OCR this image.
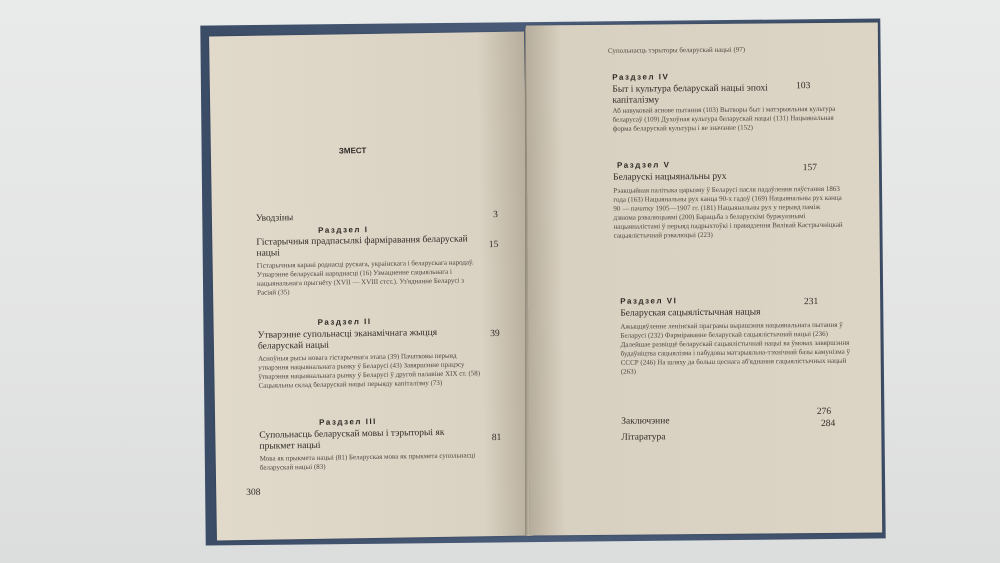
ЗМЕСТ
Уводзіны	3
Раздзел I
Гістарычныя прадпасылкі фарміравання беларускай нацыі
15
Гістарычныя карані роднасці рускага, украінскага і беларускага народаў. Утварэнне беларускай народнасці (16) Узмацненне сацыяльнага і нацыянальнага прыгнёту (ХVІІ — ХVІІІ стст.). Уз'яднанне Беларусі з Расіяй (35)
Раздзел II
Утварэнне супольнасці эканамічнага жыцця беларускай нацыі
39
Асноўныя рысы новага гістарычнага этапа (39) Пачатковы перыяд утварэння нацыянальнага рынку ў Беларусі (43) Завяршэнне працэсу ўтварэння нацыянальнага рынку ў Беларусі ў другой палавіне XIX ст. (58) Сацыяльны склад беларускай нацыі перыяду капіталізму (73)
Раздзел III
Супольнасць беларускай мовы і тэрыторыі як прыкмет нацыі
81
Мова як прыкмета нацыі (81) Беларуская мова як прыкмета супольнасці беларускай нацыі (83)
308
Супольнасць тэрыторы беларускай нацыі (97)
Раздзел IV
Быт і культура беларускай нацыі эпохі капіталізму
103
Аб навуковай аснове пытання (103) Вытворы быт і матэрыяльная культура беларусаў (109) Духоўная культура беларускай нацыі (131) Нацыянальная форма беларускай культуры і яе значэнне (152)
Раздзел V
Беларускі нацыянальны рух
157
Рэакцыйная палітыка царызму ў Беларусі пасля падаўлення паўстання 1863 года (163) Нацыянальны рух канца 90-х гадоў (169) Нацыянальны рух канца 90 — пачатку 1905—1907 гг. (181) Нацыянальны рух у перыяд паміж дзвюма рэвалюцыямі (200) Барацьба з беларускімі буржуазнымі нацыяналістамі ў перыяд падрыхтоўкі і правядзення Вялікай Кастрычніцкай сацыялістычнай рэвалюцыі (223)
Раздзел VI
Беларуская сацыялістычная нацыя
231
Ажыццяўленне ленінскай праграмы вырашэння нацыянальнага пытання ў Беларусі (232) Фарміраванне беларускай сацыялістычнай нацыі (236) Далейшае развіццё беларускай сацыялістычнай нацыі ва ўмовах завяршэння будаўніцтва сацыялізма і пабудовы матэрыяльна-тэхнічнай базы камунізма ў СССР (246) На шляху да больш цеснага аб'яднання сацыялістычных нацый (263)
Заключэнне
276
Літаратура
284
